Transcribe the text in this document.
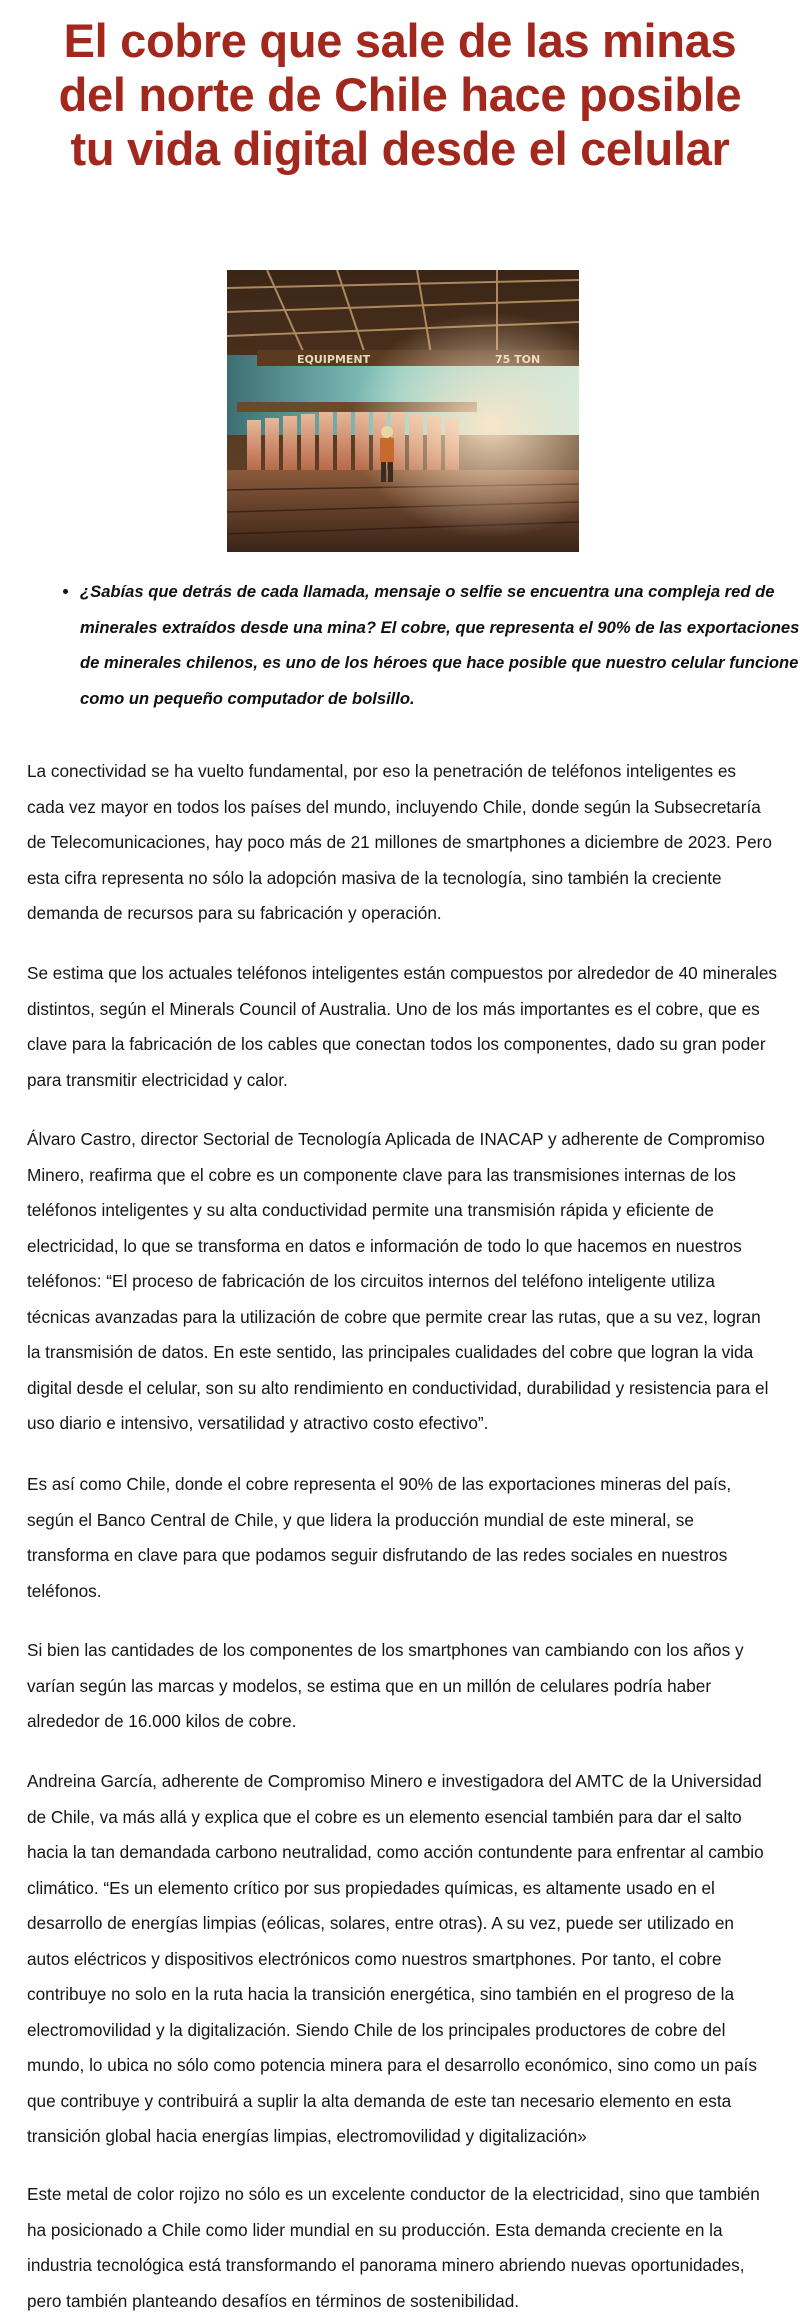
El cobre que sale de las minas del norte de Chile hace posible tu vida digital desde el celular
• ¿Sabías que detrás de cada llamada, mensaje o selfie se encuentra una compleja red de minerales extraídos desde una mina? El cobre, que representa el 90% de las exportaciones de minerales chilenos, es uno de los héroes que hace posible que nuestro celular funcione como un pequeño computador de bolsillo.

La conectividad se ha vuelto fundamental, por eso la penetración de teléfonos inteligentes es cada vez mayor en todos los países del mundo, incluyendo Chile, donde según la Subsecretaría de Telecomunicaciones, hay poco más de 21 millones de smartphones a diciembre de 2023. Pero esta cifra representa no sólo la adopción masiva de la tecnología, sino también la creciente demanda de recursos para su fabricación y operación.

Se estima que los actuales teléfonos inteligentes están compuestos por alrededor de 40 minerales distintos, según el Minerals Council of Australia. Uno de los más importantes es el cobre, que es clave para la fabricación de los cables que conectan todos los componentes, dado su gran poder para transmitir electricidad y calor.

Álvaro Castro, director Sectorial de Tecnología Aplicada de INACAP y adherente de Compromiso Minero, reafirma que el cobre es un componente clave para las transmisiones internas de los teléfonos inteligentes y su alta conductividad permite una transmisión rápida y eficiente de electricidad, lo que se transforma en datos e información de todo lo que hacemos en nuestros teléfonos: “El proceso de fabricación de los circuitos internos del teléfono inteligente utiliza técnicas avanzadas para la utilización de cobre que permite crear las rutas, que a su vez, logran la transmisión de datos. En este sentido, las principales cualidades del cobre que logran la vida digital desde el celular, son su alto rendimiento en conductividad, durabilidad y resistencia para el uso diario e intensivo, versatilidad y atractivo costo efectivo”.

Es así como Chile, donde el cobre representa el 90% de las exportaciones mineras del país, según el Banco Central de Chile, y que lidera la producción mundial de este mineral, se transforma en clave para que podamos seguir disfrutando de las redes sociales en nuestros teléfonos.

Si bien las cantidades de los componentes de los smartphones van cambiando con los años y varían según las marcas y modelos, se estima que en un millón de celulares podría haber alrededor de 16.000 kilos de cobre.

Andreina García, adherente de Compromiso Minero e investigadora del AMTC de la Universidad de Chile, va más allá y explica que el cobre es un elemento esencial también para dar el salto hacia la tan demandada carbono neutralidad, como acción contundente para enfrentar al cambio climático. “Es un elemento crítico por sus propiedades químicas, es altamente usado en el desarrollo de energías limpias (eólicas, solares, entre otras). A su vez, puede ser utilizado en autos eléctricos y dispositivos electrónicos como nuestros smartphones. Por tanto, el cobre contribuye no solo en la ruta hacia la transición energética, sino también en el progreso de la electromovilidad y la digitalización. Siendo Chile de los principales productores de cobre del mundo, lo ubica no sólo como potencia minera para el desarrollo económico, sino como un país que contribuye y contribuirá a suplir la alta demanda de este tan necesario elemento en esta transición global hacia energías limpias, electromovilidad y digitalización»

Este metal de color rojizo no sólo es un excelente conductor de la electricidad, sino que también ha posicionado a Chile como lider mundial en su producción. Esta demanda creciente en la industria tecnológica está transformando el panorama minero abriendo nuevas oportunidades, pero también planteando desafíos en términos de sostenibilidad.
